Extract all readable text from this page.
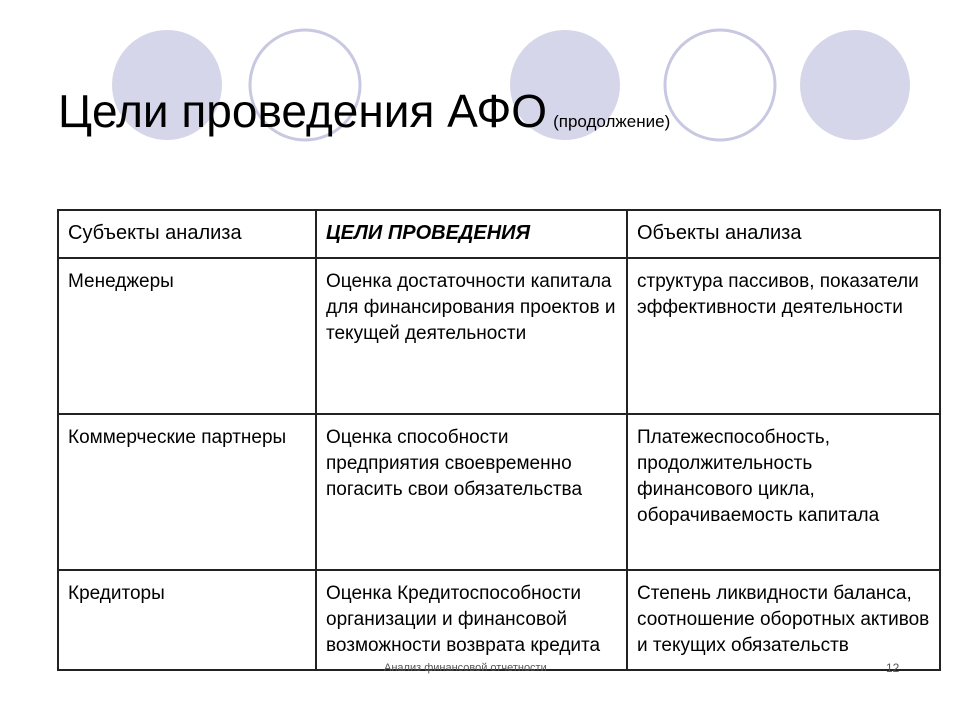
Цели проведения АФО (продолжение)
Субъекты анализа	ЦЕЛИ ПРОВЕДЕНИЯ	Объекты анализа
Менеджеры	Оценка достаточности капитала для финансирования проектов и текущей деятельности	структура пассивов, показатели эффективности деятельности
Коммерческие партнеры	Оценка способности предприятия своевременно погасить свои обязательства	Платежеспособность, продолжительность финансового цикла, оборачиваемость капитала
Кредиторы	Оценка Кредитоспособности организации и финансовой возможности возврата кредита	Степень ликвидности баланса, соотношение оборотных активов и текущих обязательств
Анализ финансовой отчетности	12
